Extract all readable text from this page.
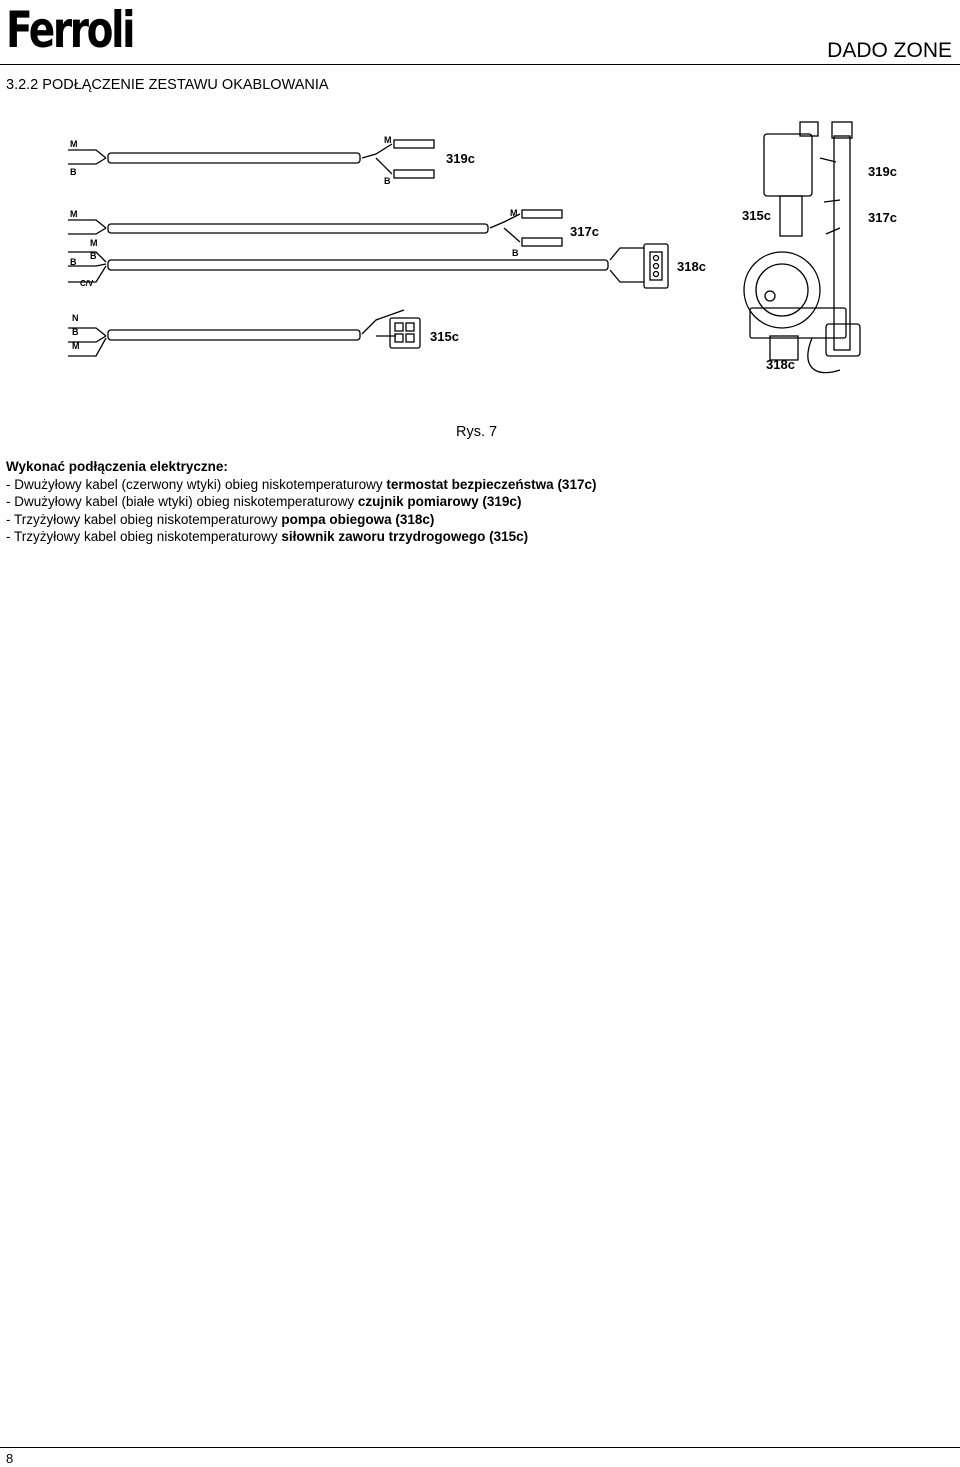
Ferroli	DADO ZONE
3.2.2 PODŁĄCZENIE ZESTAWU OKABLOWANIA
M
B
M
B
319c
M
M
B
B
C/V
M
B
317c
318c
N
B
M
315c
319c
315c	317c
318c
Rys. 7
Wykonać podłączenia elektryczne:
- Dwużyłowy kabel (czerwony wtyki) obieg niskotemperaturowy termostat bezpieczeństwa (317c)
- Dwużyłowy kabel (białe wtyki) obieg niskotemperaturowy czujnik pomiarowy (319c)
- Trzyżyłowy kabel obieg niskotemperaturowy pompa obiegowa (318c)
- Trzyżyłowy kabel obieg niskotemperaturowy siłownik zaworu trzydrogowego (315c)
8
